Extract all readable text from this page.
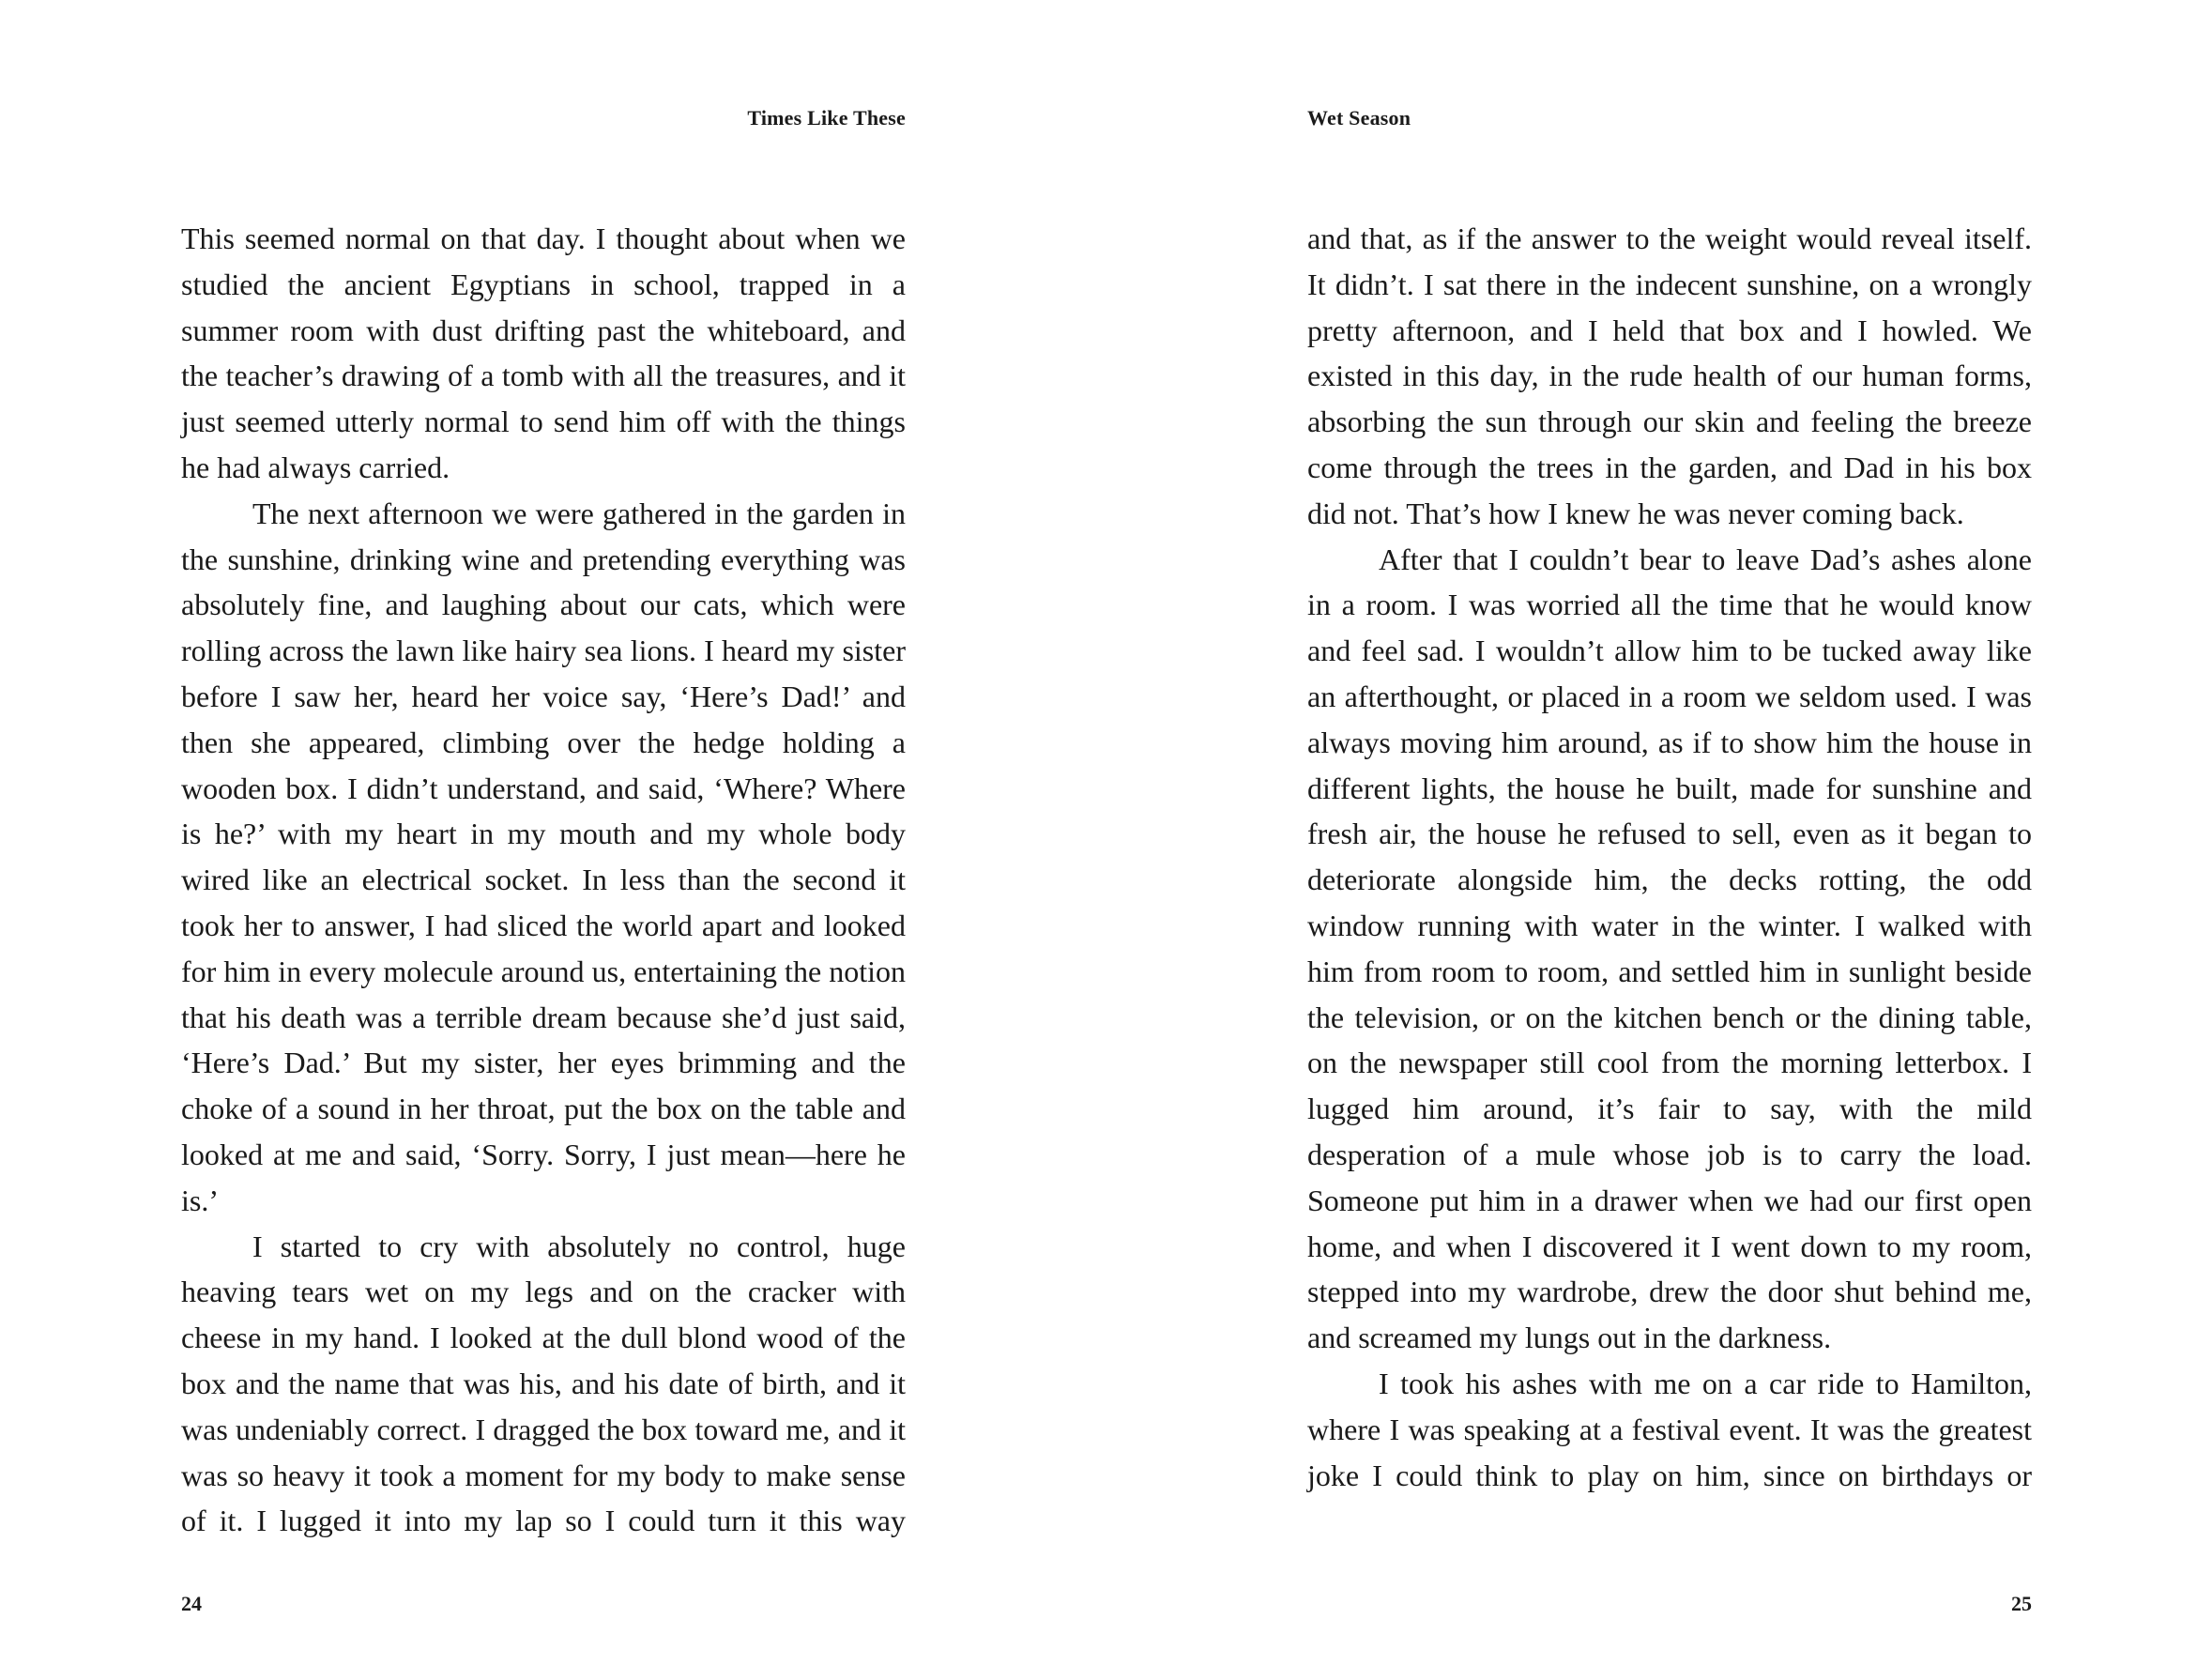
Times Like These

This seemed normal on that day. I thought about when we studied the ancient Egyptians in school, trapped in a summer room with dust drifting past the whiteboard, and the teacher’s drawing of a tomb with all the treasures, and it just seemed utterly normal to send him off with the things he had always carried.

The next afternoon we were gathered in the garden in the sunshine, drinking wine and pretending everything was absolutely fine, and laughing about our cats, which were rolling across the lawn like hairy sea lions. I heard my sister before I saw her, heard her voice say, ‘Here’s Dad!’ and then she appeared, climbing over the hedge holding a wooden box. I didn’t understand, and said, ‘Where? Where is he?’ with my heart in my mouth and my whole body wired like an electrical socket. In less than the second it took her to answer, I had sliced the world apart and looked for him in every molecule around us, entertaining the notion that his death was a terrible dream because she’d just said, ‘Here’s Dad.’ But my sister, her eyes brimming and the choke of a sound in her throat, put the box on the table and looked at me and said, ‘Sorry. Sorry, I just mean—here he is.’

I started to cry with absolutely no control, huge heaving tears wet on my legs and on the cracker with cheese in my hand. I looked at the dull blond wood of the box and the name that was his, and his date of birth, and it was undeniably correct. I dragged the box toward me, and it was so heavy it took a moment for my body to make sense of it. I lugged it into my lap so I could turn it this way

24
Wet Season

and that, as if the answer to the weight would reveal itself. It didn’t. I sat there in the indecent sunshine, on a wrongly pretty afternoon, and I held that box and I howled. We existed in this day, in the rude health of our human forms, absorbing the sun through our skin and feeling the breeze come through the trees in the garden, and Dad in his box did not. That’s how I knew he was never coming back.

After that I couldn’t bear to leave Dad’s ashes alone in a room. I was worried all the time that he would know and feel sad. I wouldn’t allow him to be tucked away like an afterthought, or placed in a room we seldom used. I was always moving him around, as if to show him the house in different lights, the house he built, made for sunshine and fresh air, the house he refused to sell, even as it began to deteriorate alongside him, the decks rotting, the odd window running with water in the winter. I walked with him from room to room, and settled him in sunlight beside the television, or on the kitchen bench or the dining table, on the newspaper still cool from the morning letterbox. I lugged him around, it’s fair to say, with the mild desperation of a mule whose job is to carry the load. Someone put him in a drawer when we had our first open home, and when I discovered it I went down to my room, stepped into my wardrobe, drew the door shut behind me, and screamed my lungs out in the darkness.

I took his ashes with me on a car ride to Hamilton, where I was speaking at a festival event. It was the greatest joke I could think to play on him, since on birthdays or

25
